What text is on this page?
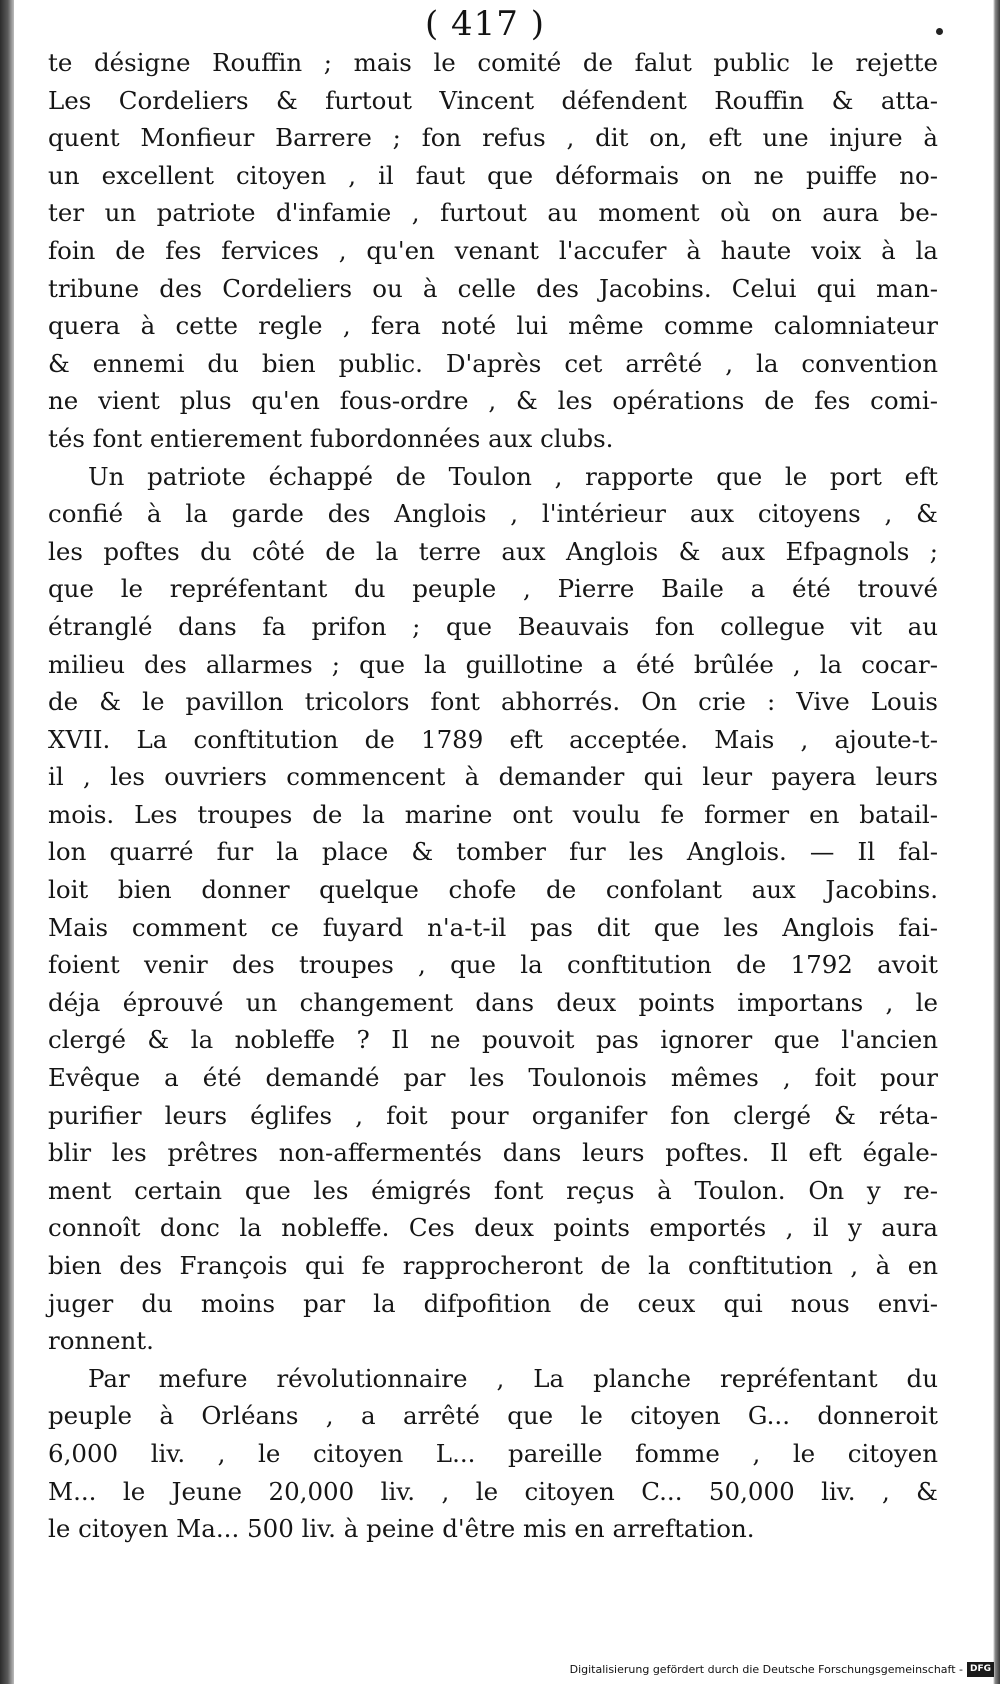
( 417 )
te désigne Rouffin ; mais le comité de falut public le rejette
Les Cordeliers & furtout Vincent défendent Rouffin & atta-
quent Monfieur Barrere ; fon refus , dit on, eft une injure à
un excellent citoyen , il faut que déformais on ne puiffe no-
ter un patriote d'infamie , furtout au moment où on aura be-
foin de fes fervices , qu'en venant l'accufer à haute voix à la
tribune des Cordeliers ou à celle des Jacobins. Celui qui man-
quera à cette regle , fera noté lui même comme calomniateur
& ennemi du bien public. D'après cet arrêté , la convention
ne vient plus qu'en fous-ordre , & les opérations de fes comi-
tés font entierement fubordonnées aux clubs.
Un patriote échappé de Toulon , rapporte que le port eft
confié à la garde des Anglois , l'intérieur aux citoyens , &
les poftes du côté de la terre aux Anglois & aux Efpagnols ;
que le repréfentant du peuple , Pierre Baile a été trouvé
étranglé dans fa prifon ; que Beauvais fon collegue vit au
milieu des allarmes ; que la guillotine a été brûlée , la cocar-
de & le pavillon tricolors font abhorrés. On crie : Vive Louis
XVII. La conftitution de 1789 eft acceptée. Mais , ajoute-t-
il , les ouvriers commencent à demander qui leur payera leurs
mois. Les troupes de la marine ont voulu fe former en batail-
lon quarré fur la place & tomber fur les Anglois. — Il fal-
loit bien donner quelque chofe de confolant aux Jacobins.
Mais comment ce fuyard n'a-t-il pas dit que les Anglois fai-
foient venir des troupes , que la conftitution de 1792 avoit
déja éprouvé un changement dans deux points importans , le
clergé & la nobleffe ? Il ne pouvoit pas ignorer que l'ancien
Evêque a été demandé par les Toulonois mêmes , foit pour
purifier leurs églifes , foit pour organifer fon clergé & réta-
blir les prêtres non-affermentés dans leurs poftes. Il eft égale-
ment certain que les émigrés font reçus à Toulon. On y re-
connoît donc la nobleffe. Ces deux points emportés , il y aura
bien des François qui fe rapprocheront de la conftitution , à en
juger du moins par la difpofition de ceux qui nous envi-
ronnent.
Par mefure révolutionnaire , La planche repréfentant du
peuple à Orléans , a arrêté que le citoyen G... donneroit
6,000 liv. , le citoyen L... pareille fomme , le citoyen
M... le Jeune 20,000 liv. , le citoyen C... 50,000 liv. , &
le citoyen Ma... 500 liv. à peine d'être mis en arreftation.
Digitalisierung gefördert durch die Deutsche Forschungsgemeinschaft - DFG
